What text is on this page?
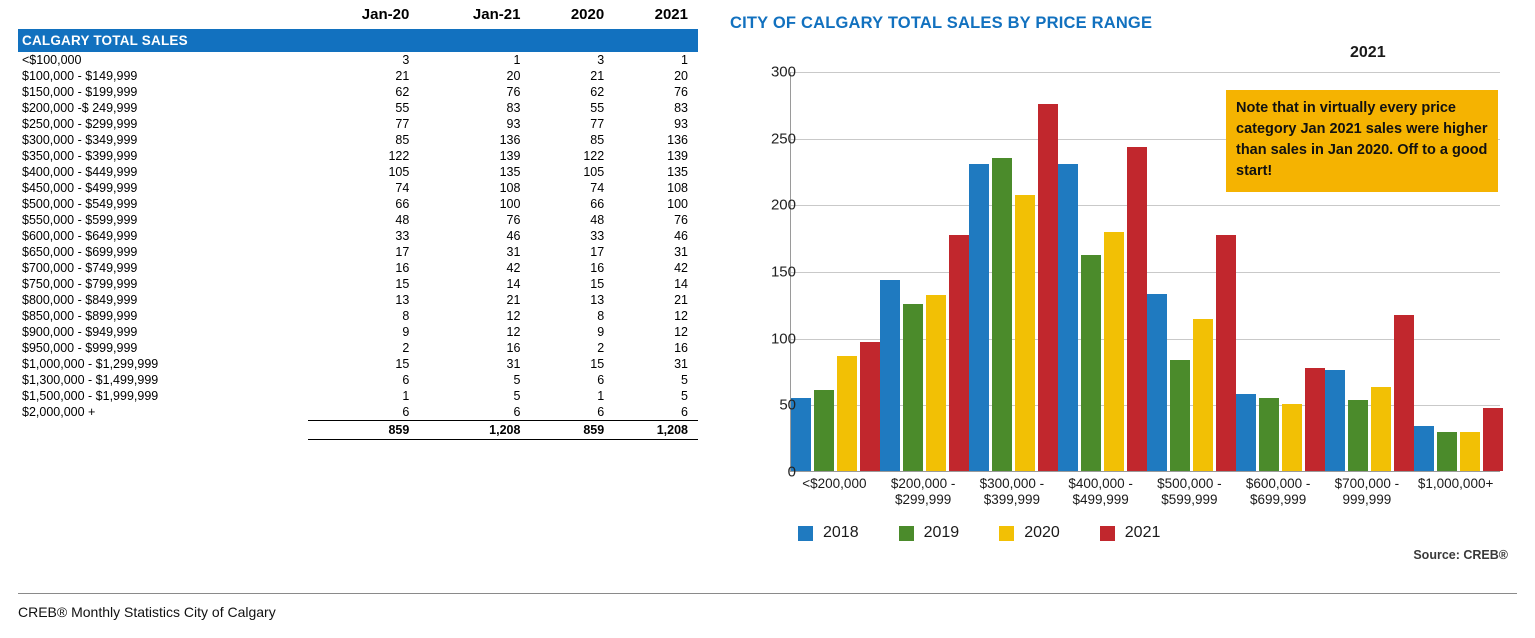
	Jan-20	Jan-21	2020	2021
CALGARY TOTAL SALES				
<$100,000	3	1	3	1
$100,000 - $149,999	21	20	21	20
$150,000 - $199,999	62	76	62	76
$200,000 -$ 249,999	55	83	55	83
$250,000 - $299,999	77	93	77	93
$300,000 - $349,999	85	136	85	136
$350,000 - $399,999	122	139	122	139
$400,000 - $449,999	105	135	105	135
$450,000 - $499,999	74	108	74	108
$500,000 - $549,999	66	100	66	100
$550,000 - $599,999	48	76	48	76
$600,000 - $649,999	33	46	33	46
$650,000 - $699,999	17	31	17	31
$700,000 - $749,999	16	42	16	42
$750,000 - $799,999	15	14	15	14
$800,000 - $849,999	13	21	13	21
$850,000 - $899,999	8	12	8	12
$900,000 - $949,999	9	12	9	12
$950,000 - $999,999	2	16	2	16
$1,000,000 - $1,299,999	15	31	15	31
$1,300,000 - $1,499,999	6	5	6	5
$1,500,000 - $1,999,999	1	5	1	5
$2,000,000 +	6	6	6	6
	859	1,208	859	1,208
CITY OF CALGARY TOTAL SALES BY PRICE RANGE
2021
0
50
100
150
200
250
300
<$200,000	$200,000 -
$299,999
$300,000 -
$399,999
$400,000 -
$499,999
$500,000 -
$599,999
$600,000 -
$699,999
$700,000 -
999,999
$1,000,000+
Note that in virtually every price category Jan 2021 sales were higher than sales in Jan 2020. Off to a good start!
2018	2019	2020	2021
Source: CREB®
CREB® Monthly Statistics City of Calgary
